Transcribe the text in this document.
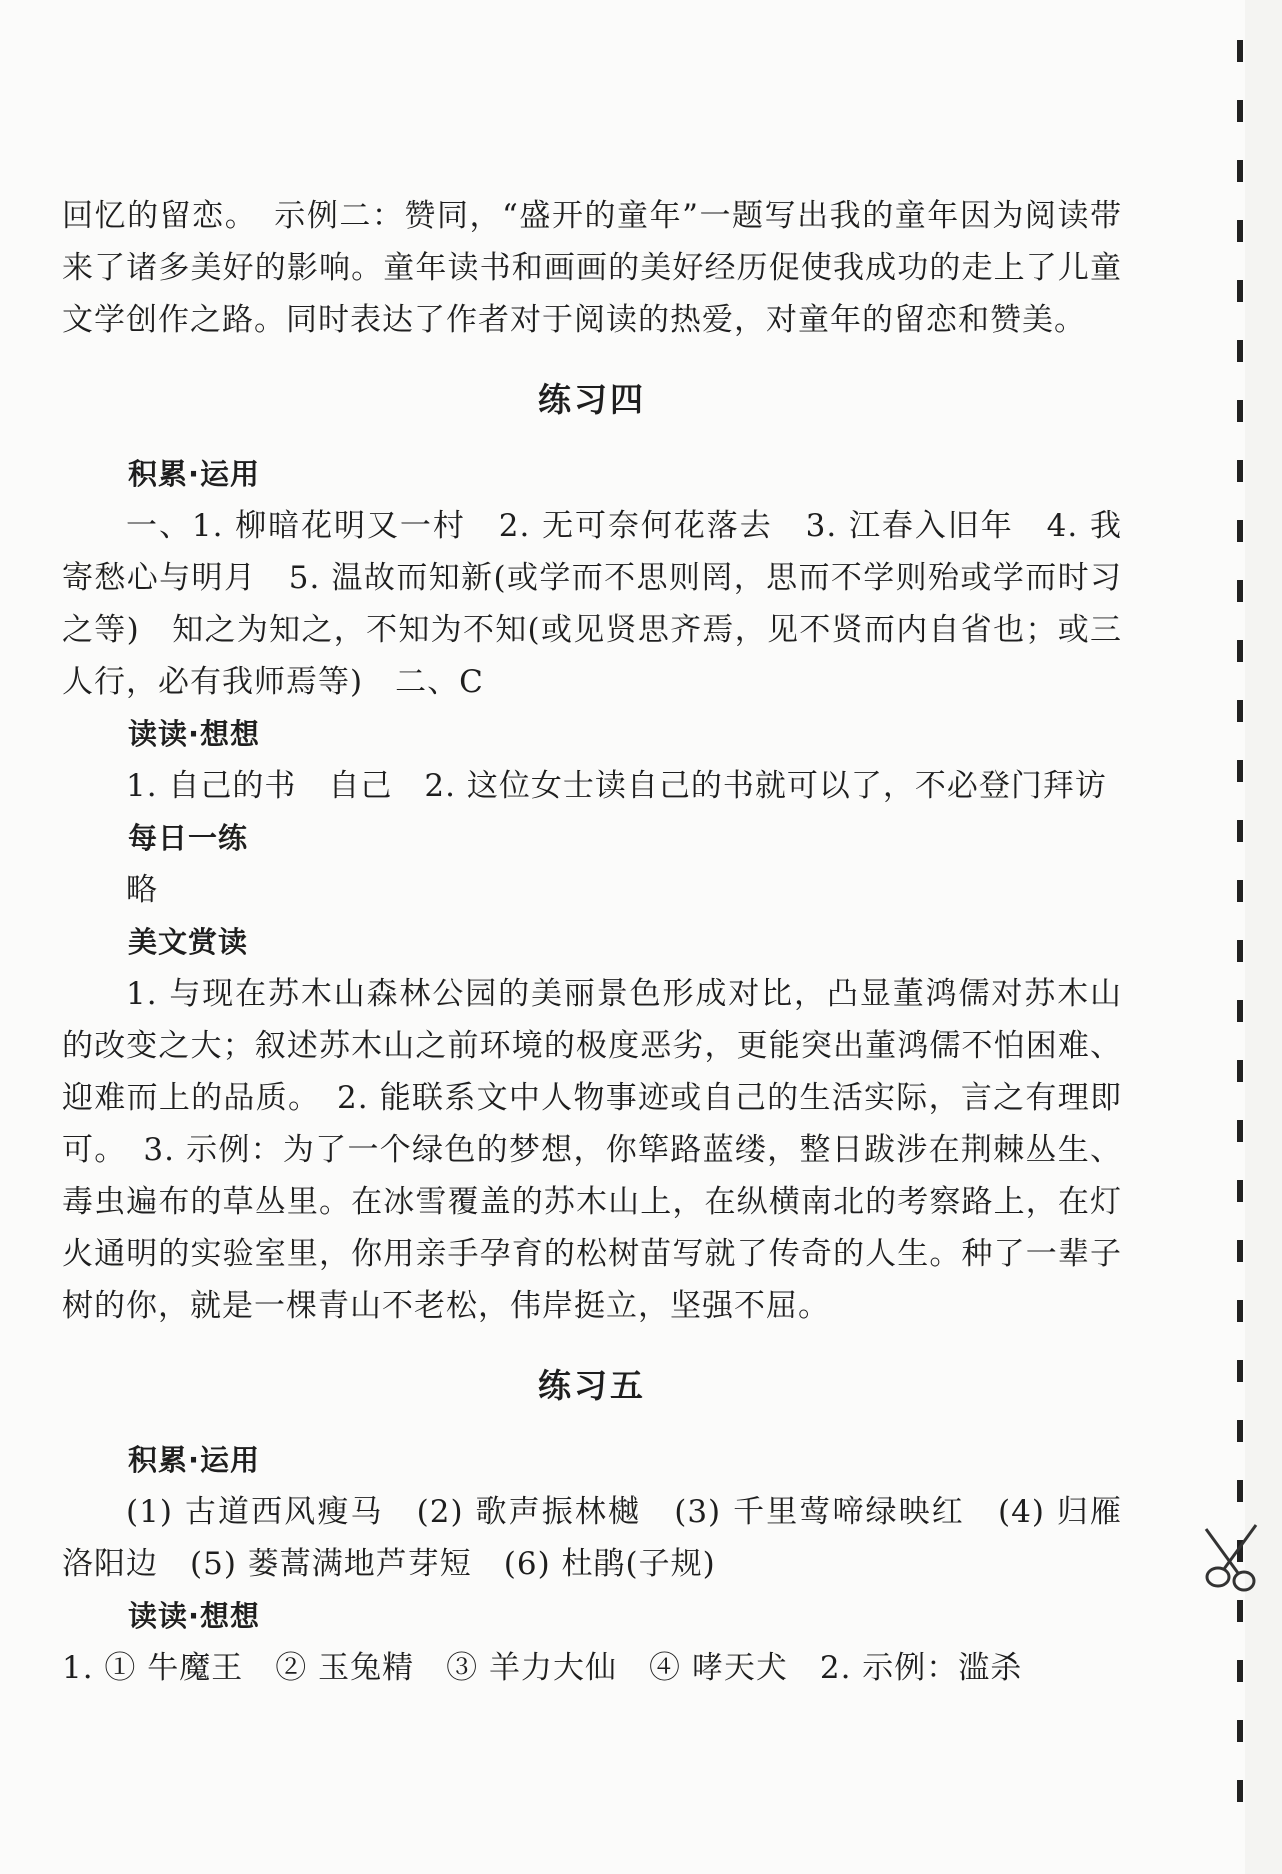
回忆的留恋。　示例二：赞同，“盛开的童年”一题写出我的童年因为阅读带来了诸多美好的影响。童年读书和画画的美好经历促使我成功的走上了儿童文学创作之路。同时表达了作者对于阅读的热爱，对童年的留恋和赞美。

练习四

积累·运用

一、1. 柳暗花明又一村　2. 无可奈何花落去　3. 江春入旧年　4. 我寄愁心与明月　5. 温故而知新(或学而不思则罔，思而不学则殆或学而时习之等)　知之为知之，不知为不知(或见贤思齐焉，见不贤而内自省也；或三人行，必有我师焉等)　二、C

读读·想想

1. 自己的书　自己　2. 这位女士读自己的书就可以了，不必登门拜访

每日一练

略

美文赏读

1. 与现在苏木山森林公园的美丽景色形成对比，凸显董鸿儒对苏木山的改变之大；叙述苏木山之前环境的极度恶劣，更能突出董鸿儒不怕困难、迎难而上的品质。　2. 能联系文中人物事迹或自己的生活实际，言之有理即可。　3. 示例：为了一个绿色的梦想，你筚路蓝缕，整日跋涉在荆棘丛生、毒虫遍布的草丛里。在冰雪覆盖的苏木山上，在纵横南北的考察路上，在灯火通明的实验室里，你用亲手孕育的松树苗写就了传奇的人生。种了一辈子树的你，就是一棵青山不老松，伟岸挺立，坚强不屈。

练习五

积累·运用

(1) 古道西风瘦马　(2) 歌声振林樾　(3) 千里莺啼绿映红　(4) 归雁洛阳边　(5) 蒌蒿满地芦芽短　(6) 杜鹃(子规)

读读·想想

1. ① 牛魔王　② 玉兔精　③ 羊力大仙　④ 哮天犬　2. 示例：滥杀
